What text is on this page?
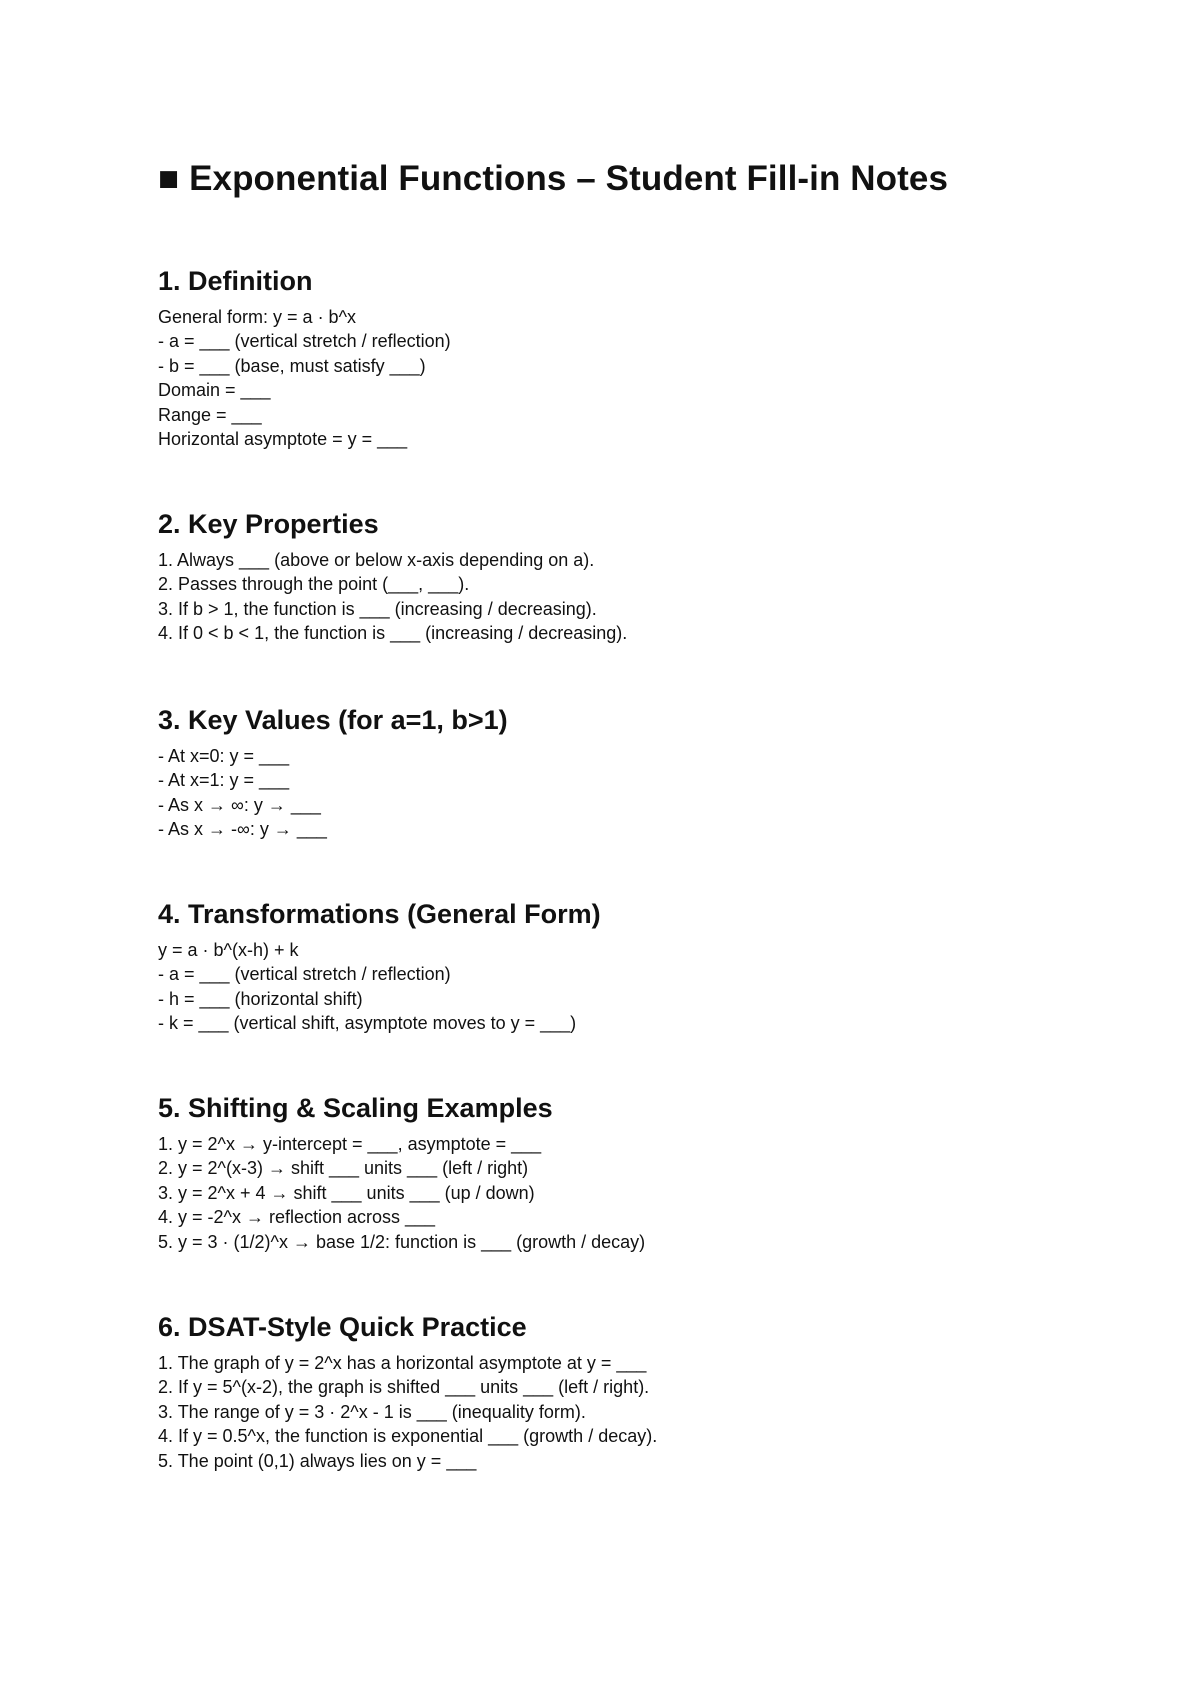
■ Exponential Functions – Student Fill-in Notes
1. Definition
General form: y = a · b^x
- a = ___ (vertical stretch / reflection)
- b = ___ (base, must satisfy ___)
Domain = ___
Range = ___
Horizontal asymptote = y = ___
2. Key Properties
1. Always ___ (above or below x-axis depending on a).
2. Passes through the point (___, ___).
3. If b > 1, the function is ___ (increasing / decreasing).
4. If 0 < b < 1, the function is ___ (increasing / decreasing).
3. Key Values (for a=1, b>1)
- At x=0: y = ___
- At x=1: y = ___
- As x → ∞: y → ___
- As x → -∞: y → ___
4. Transformations (General Form)
y = a · b^(x-h) + k
- a = ___ (vertical stretch / reflection)
- h = ___ (horizontal shift)
- k = ___ (vertical shift, asymptote moves to y = ___)
5. Shifting & Scaling Examples
1. y = 2^x → y-intercept = ___, asymptote = ___
2. y = 2^(x-3) → shift ___ units ___ (left / right)
3. y = 2^x + 4 → shift ___ units ___ (up / down)
4. y = -2^x → reflection across ___
5. y = 3 · (1/2)^x → base 1/2: function is ___ (growth / decay)
6. DSAT-Style Quick Practice
1. The graph of y = 2^x has a horizontal asymptote at y = ___
2. If y = 5^(x-2), the graph is shifted ___ units ___ (left / right).
3. The range of y = 3 · 2^x - 1 is ___ (inequality form).
4. If y = 0.5^x, the function is exponential ___ (growth / decay).
5. The point (0,1) always lies on y = ___
